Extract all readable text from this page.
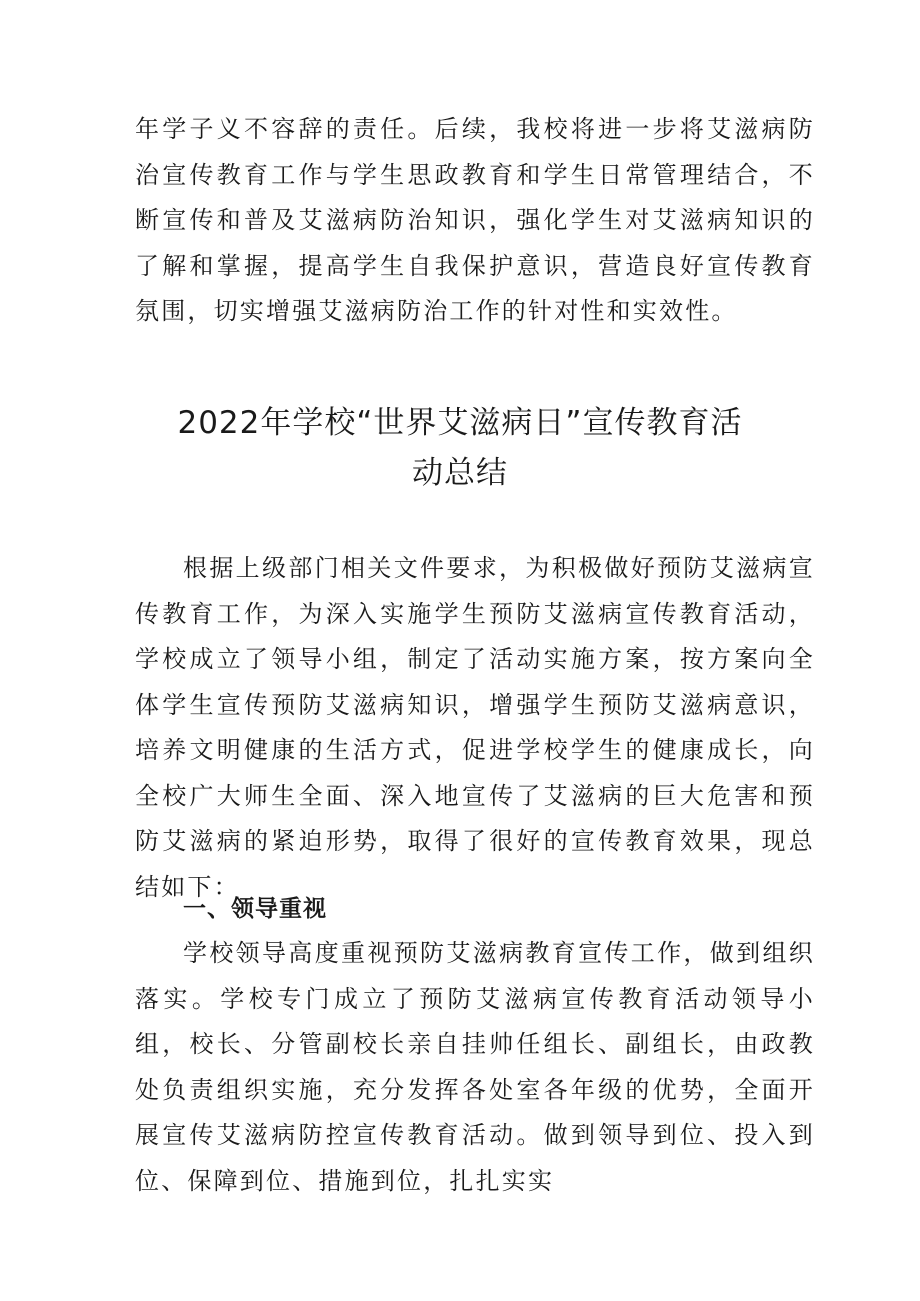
年学子义不容辞的责任。后续，我校将进一步将艾滋病防治宣传教育工作与学生思政教育和学生日常管理结合，不断宣传和普及艾滋病防治知识，强化学生对艾滋病知识的了解和掌握，提高学生自我保护意识，营造良好宣传教育氛围，切实增强艾滋病防治工作的针对性和实效性。

2022年学校“世界艾滋病日”宣传教育活
动总结

根据上级部门相关文件要求，为积极做好预防艾滋病宣传教育工作，为深入实施学生预防艾滋病宣传教育活动，学校成立了领导小组，制定了活动实施方案，按方案向全体学生宣传预防艾滋病知识，增强学生预防艾滋病意识，培养文明健康的生活方式，促进学校学生的健康成长，向全校广大师生全面、深入地宣传了艾滋病的巨大危害和预防艾滋病的紧迫形势，取得了很好的宣传教育效果，现总结如下：

一、领导重视

学校领导高度重视预防艾滋病教育宣传工作，做到组织落实。学校专门成立了预防艾滋病宣传教育活动领导小组，校长、分管副校长亲自挂帅任组长、副组长，由政教处负责组织实施，充分发挥各处室各年级的优势，全面开展宣传艾滋病防控宣传教育活动。做到领导到位、投入到位、保障到位、措施到位，扎扎实实
